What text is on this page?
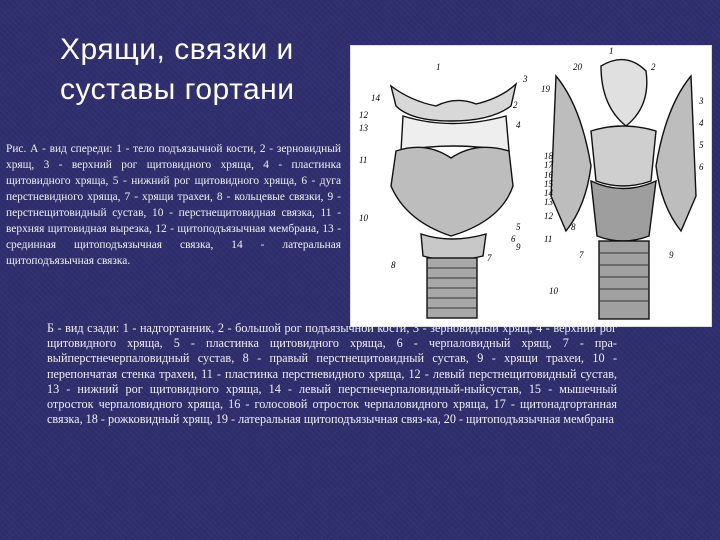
Хрящи, связки и
суставы гортани
Рис. А - вид спереди: 1 - тело подъязычной кости, 2 - зерновидный хрящ, 3 - верхний рог щитовидного хряща, 4 - пластинка щитовидного хряща, 5 - нижний рог щитовидного хряща, 6 - дуга перстневидного хряща, 7 - хрящи трахеи, 8 - кольцевые связки, 9 - перстнещитовидный сустав, 10 - перстнещитовидная связка, 11 - верхняя щитовидная вырезка, 12 - щитоподъязычная мембрана, 13 - срединная щитоподъязычная связка, 14 - латеральная щитоподъязычная связка.
1
2
3
4
5
6
7
8
9
10
11
12
13
14
1
2
3
4
5
6
7
8
9
10
11
12
13
14
15
16
17
18
19
20
Б - вид сзади: 1 - надгортанник, 2 - большой рог подъязычной кости, 3 - зерновидный хрящ, 4 - верхний рог щитовидного хряща, 5 - пластинка щитовидного хряща, 6 - черпаловидный хрящ, 7 - пра-выйперстнечерпаловидный сустав, 8 - правый перстнещитовидный сустав, 9 - хрящи трахеи, 10 - перепончатая стенка трахеи, 11 - пластинка перстневидного хряща, 12 - левый перстнещитовидный сустав, 13 - нижний рог щитовидного хряща, 14 - левый перстнечерпаловидный-ныйсустав, 15 - мышечный отросток черпаловидного хряща, 16 - голосовой отросток черпаловидного хряща, 17 - щитонадгортанная связка, 18 - рожковидный хрящ, 19 - латеральная щитоподъязычная связ-ка, 20 - щитоподъязычная мембрана
